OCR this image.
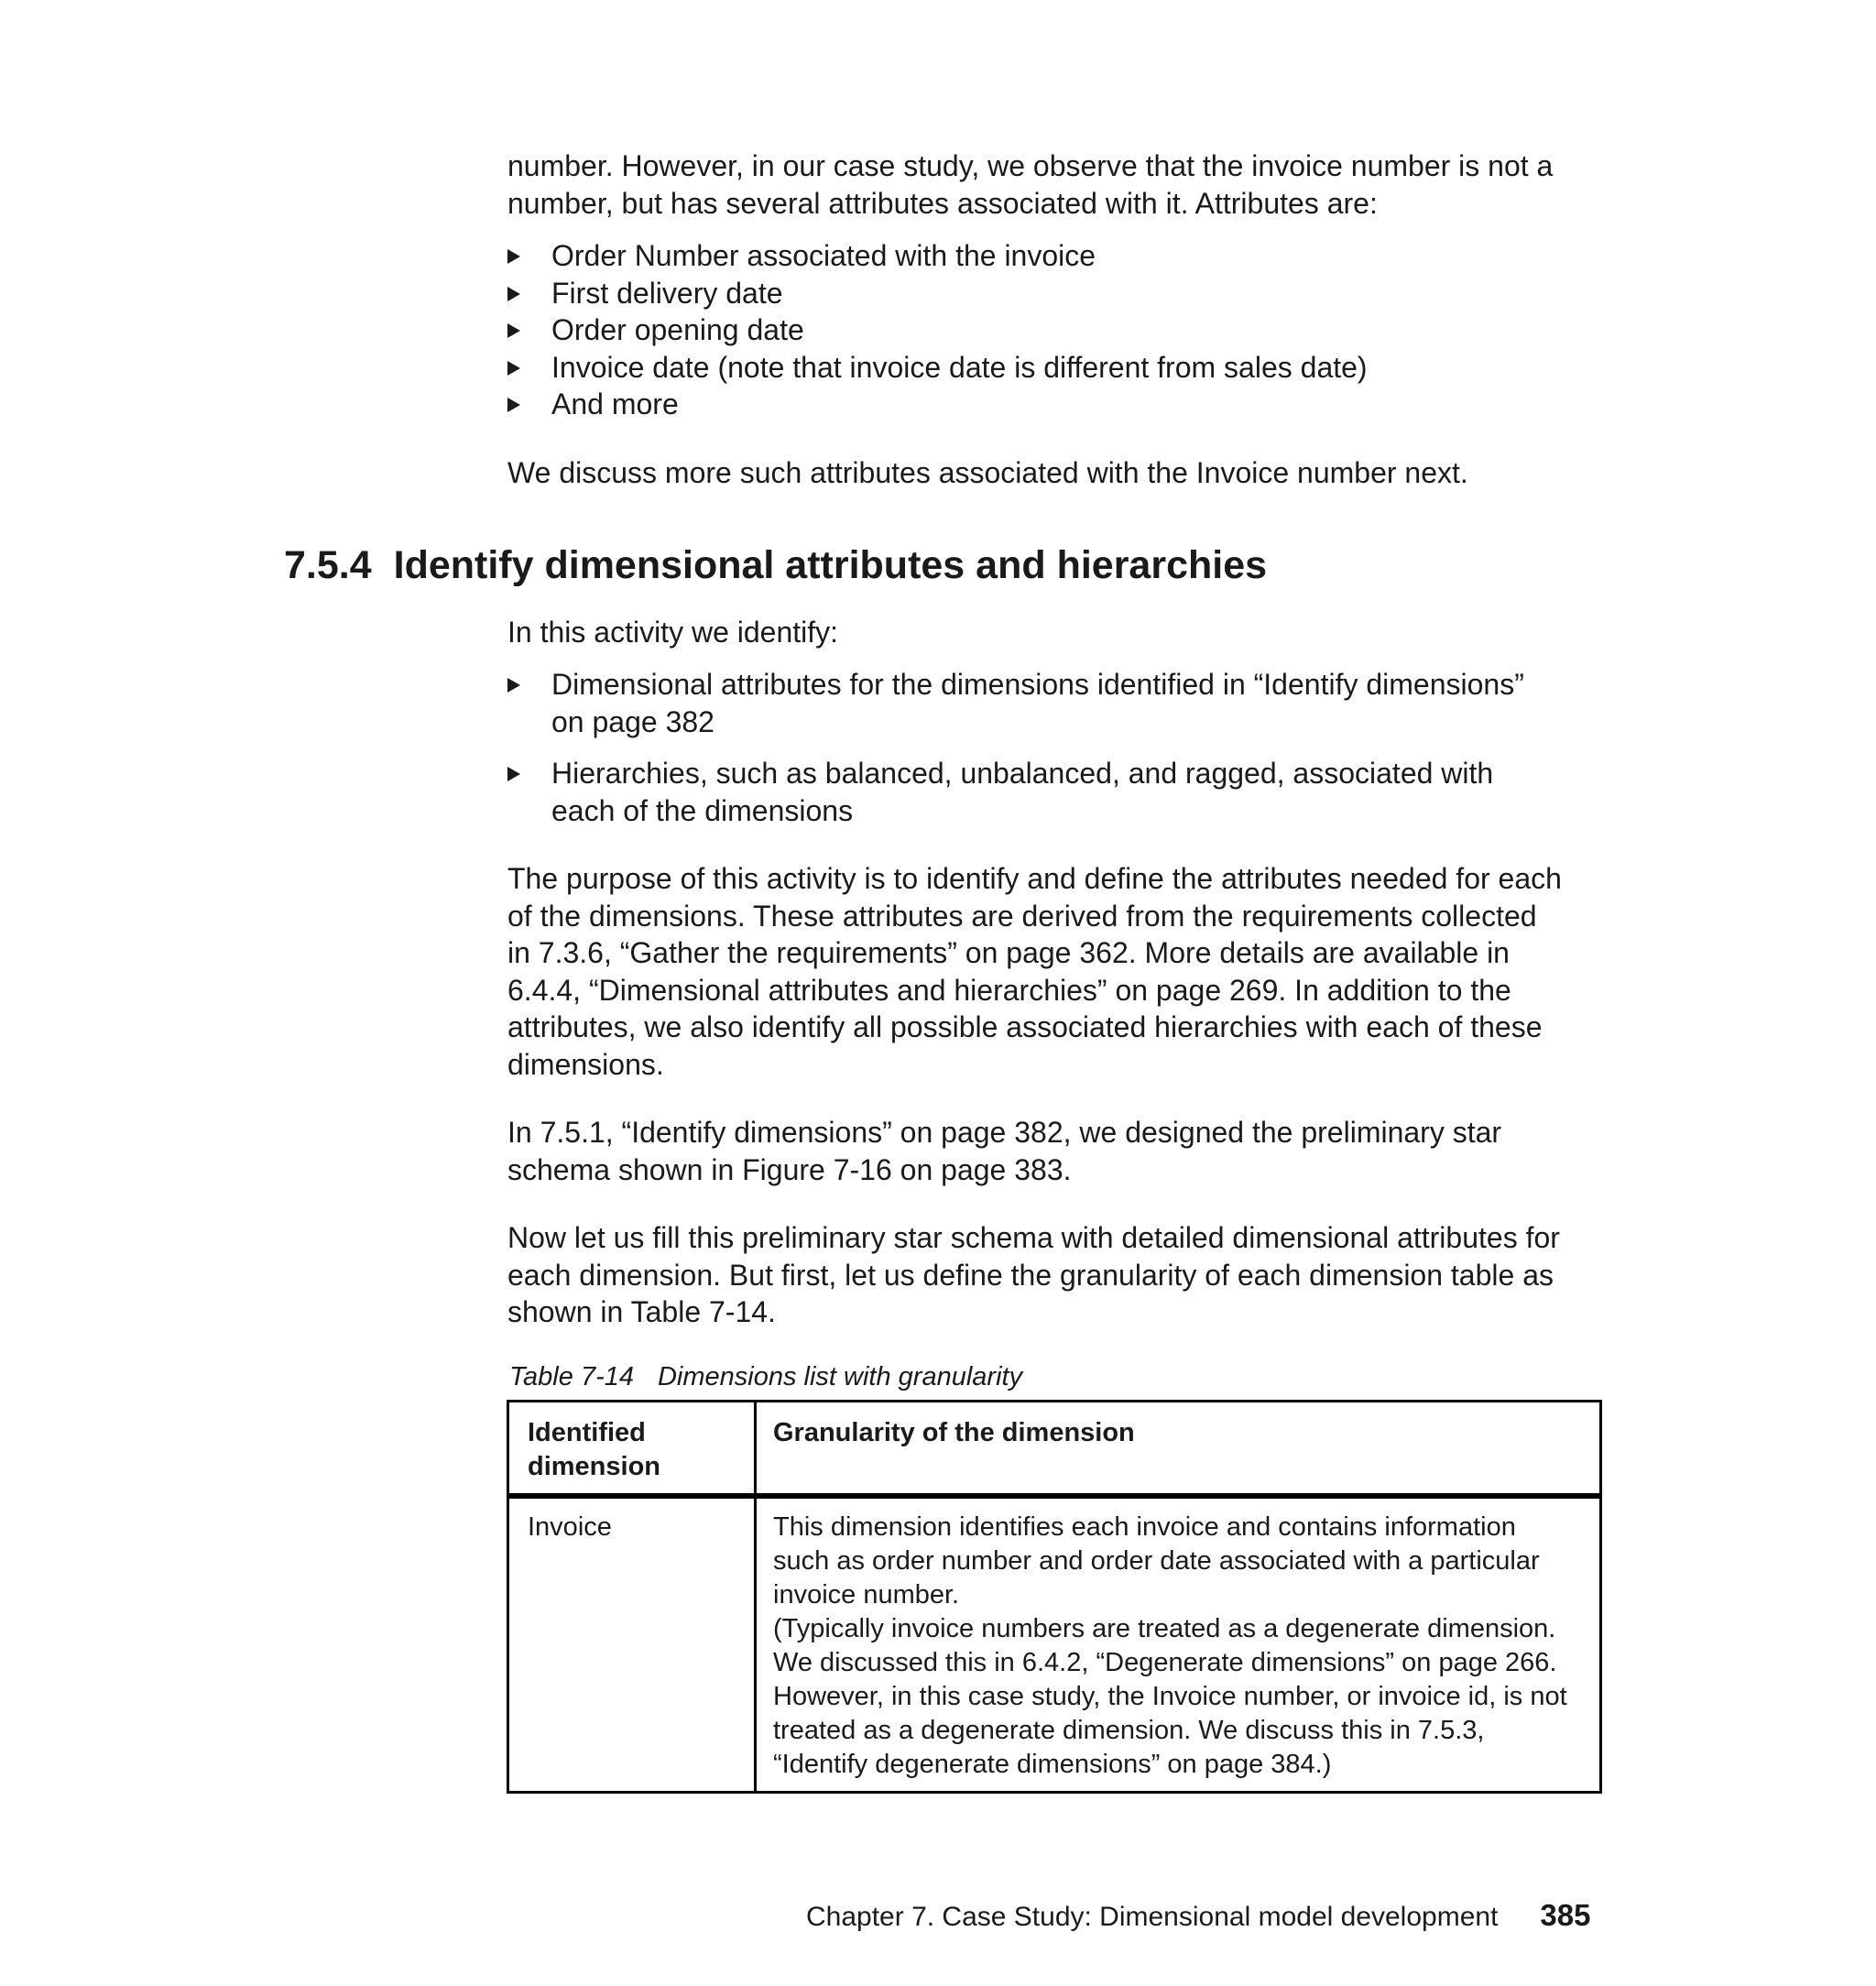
number. However, in our case study, we observe that the invoice number is not a

number, but has several attributes associated with it. Attributes are:

Order Number associated with the invoice
First delivery date
Order opening date
Invoice date (note that invoice date is different from sales date)
And more

We discuss more such attributes associated with the Invoice number next.

7.5.4 Identify dimensional attributes and hierarchies

In this activity we identify:

Dimensional attributes for the dimensions identified in “Identify dimensions”
on page 382
Hierarchies, such as balanced, unbalanced, and ragged, associated with
each of the dimensions

The purpose of this activity is to identify and define the attributes needed for each

of the dimensions. These attributes are derived from the requirements collected

in 7.3.6, “Gather the requirements” on page 362. More details are available in

6.4.4, “Dimensional attributes and hierarchies” on page 269. In addition to the

attributes, we also identify all possible associated hierarchies with each of these

dimensions.

In 7.5.1, “Identify dimensions” on page 382, we designed the preliminary star

schema shown in Figure 7-16 on page 383.

Now let us fill this preliminary star schema with detailed dimensional attributes for

each dimension. But first, let us define the granularity of each dimension table as

shown in Table 7-14.

Table 7-14 Dimensions list with granularity
Identified
dimension
Granularity of the dimension
Invoice	This dimension identifies each invoice and contains information
such as order number and order date associated with a particular
invoice number.
(Typically invoice numbers are treated as a degenerate dimension.
We discussed this in 6.4.2, “Degenerate dimensions” on page 266.
However, in this case study, the Invoice number, or invoice id, is not
treated as a degenerate dimension. We discuss this in 7.5.3,
“Identify degenerate dimensions” on page 384.)
Chapter 7. Case Study: Dimensional model development 385
